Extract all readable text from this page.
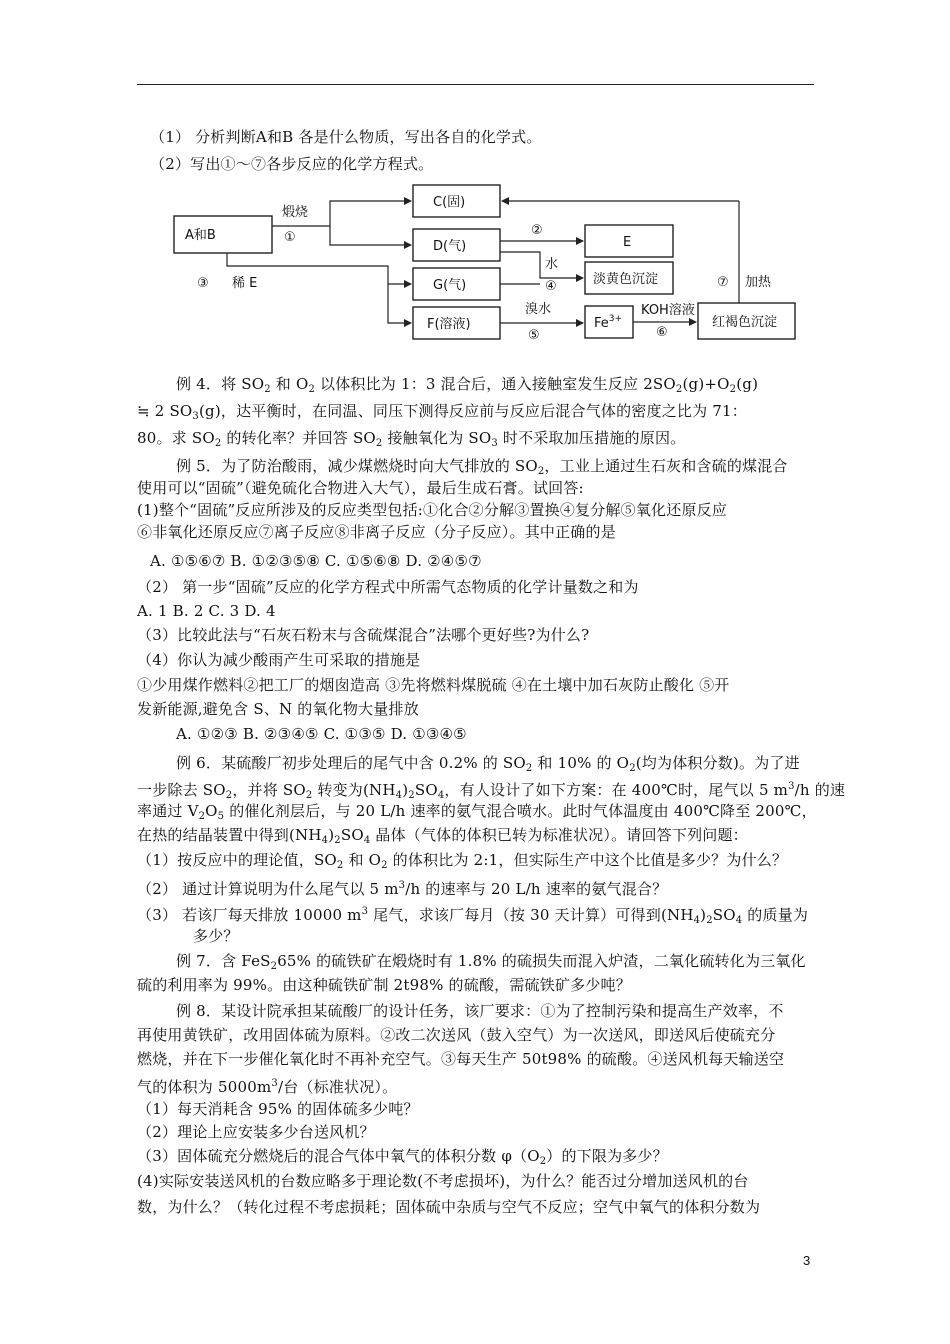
（1） 分析判断A和B 各是什么物质，写出各自的化学式。
（2）写出①～⑦各步反应的化学方程式。
A和B
C(固)
D(气)
G(气)
F(溶液)
E
淡黄色沉淀
$Fe^{3+}$	红褐色沉淀
煅烧
①	②
③ 稀 E
水
④
溴水
⑤
KOH溶液
⑥
⑦ 加热
例 4．将 $SO_2$ 和 $O_2$ 以体积比为 1：3 混合后，通入接触室发生反应 $2SO_2(g)+O_2(g)$
≒ 2 $SO_3(g)$，达平衡时，在同温、同压下测得反应前与反应后混合气体的密度之比为 71：
80。求 $SO_2$ 的转化率？并回答 $SO_2$ 接触氧化为 $SO_3$ 时不采取加压措施的原因。
例 5．为了防治酸雨，减少煤燃烧时向大气排放的 $SO_2$，工业上通过生石灰和含硫的煤混合
使用可以“固硫”（避免硫化合物进入大气），最后生成石膏。试回答:
(1)整个“固硫”反应所涉及的反应类型包括:①化合②分解③置换④复分解⑤氧化还原反应
⑥非氧化还原反应⑦离子反应⑧非离子反应（分子反应）。其中正确的是
A. ①⑤⑥⑦ B. ①②③⑤⑧ C. ①⑤⑥⑧ D. ②④⑤⑦
（2） 第一步“固硫”反应的化学方程式中所需气态物质的化学计量数之和为
A. 1 B. 2 C. 3 D. 4
（3）比较此法与“石灰石粉末与含硫煤混合”法哪个更好些?为什么?
（4）你认为减少酸雨产生可采取的措施是
①少用煤作燃料②把工厂的烟囱造高 ③先将燃料煤脱硫 ④在土壤中加石灰防止酸化 ⑤开
发新能源,避免含 S、N 的氧化物大量排放
A. ①②③ B. ②③④⑤ C. ①③⑤ D. ①③④⑤
例 6．某硫酸厂初步处理后的尾气中含 0.2% 的 $SO_2$ 和 10% 的 $O_2$(均为体积分数)。为了进
一步除去 $SO_2$，并将 $SO_2$ 转变为$(NH_4)_2SO_4$，有人设计了如下方案：在 400℃时，尾气以 5 $m^3/h$ 的速
率通过 $V_2O_5$ 的催化剂层后，与 20 L/h 速率的氨气混合喷水。此时气体温度由 400℃降至 200℃，
在热的结晶装置中得到$(NH_4)_2SO_4$ 晶体（气体的体积已转为标准状况）。请回答下列问题：
（1）按反应中的理论值，$SO_2$ 和 $O_2$ 的体积比为 2:1，但实际生产中这个比值是多少？为什么？
（2） 通过计算说明为什么尾气以 5 $m^3/h$ 的速率与 20 L/h 速率的氨气混合？
（3） 若该厂每天排放 10000 $m^3$ 尾气，求该厂每月（按 30 天计算）可得到$(NH_4)_2SO_4$ 的质量为
多少？
例 7．含 FeS$_2$65% 的硫铁矿在煅烧时有 1.8% 的硫损失而混入炉渣，二氧化硫转化为三氧化
硫的利用率为 99%。由这种硫铁矿制 2t98% 的硫酸，需硫铁矿多少吨？
例 8．某设计院承担某硫酸厂的设计任务，该厂要求：①为了控制污染和提高生产效率，不
再使用黄铁矿，改用固体硫为原料。②改二次送风（鼓入空气）为一次送风，即送风后使硫充分
燃烧，并在下一步催化氧化时不再补充空气。③每天生产 50t98% 的硫酸。④送风机每天输送空
气的体积为 $5000m^3/$台（标准状况）。
（1）每天消耗含 95% 的固体硫多少吨？
（2）理论上应安装多少台送风机？
（3）固体硫充分燃烧后的混合气体中氧气的体积分数 $\varphi(O_2)$的下限为多少？
(4)实际安装送风机的台数应略多于理论数(不考虑损坏)，为什么？能否过分增加送风机的台
数，为什么？（转化过程不考虑损耗；固体硫中杂质与空气不反应；空气中氧气的体积分数为
3
